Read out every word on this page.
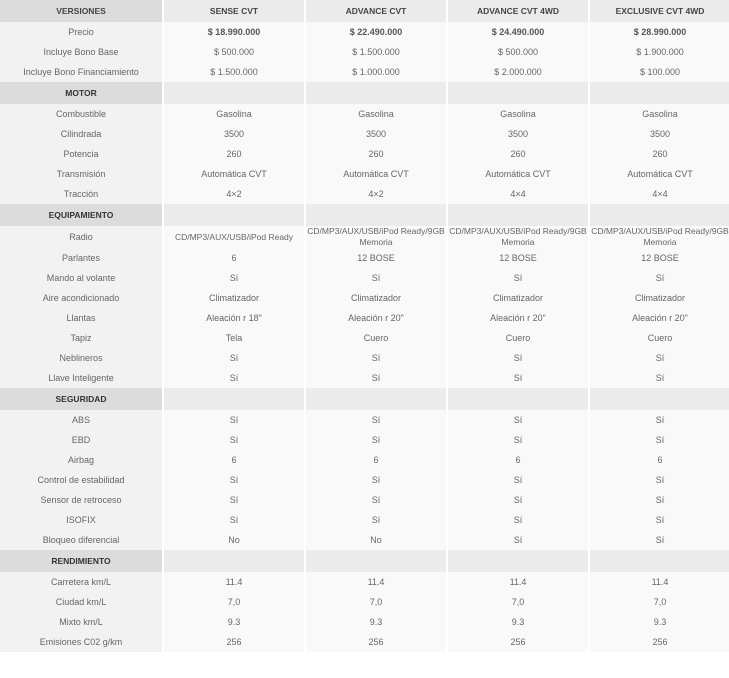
VERSIONES	SENSE CVT	ADVANCE CVT	ADVANCE CVT 4WD	EXCLUSIVE CVT 4WD
Precio	$ 18.990.000	$ 22.490.000	$ 24.490.000	$ 28.990.000
Incluye Bono Base	$ 500.000	$ 1.500.000	$ 500.000	$ 1.900.000
Incluye Bono Financiamiento	$ 1.500.000	$ 1.000.000	$ 2.000.000	$ 100.000
MOTOR				
Combustible	Gasolina	Gasolina	Gasolina	Gasolina
Cilindrada	3500	3500	3500	3500
Potencia	260	260	260	260
Transmisión	Automática CVT	Automática CVT	Automática CVT	Automática CVT
Tracción	4×2	4×2	4×4	4×4
EQUIPAMIENTO				
Radio	CD/MP3/AUX/USB/iPod Ready	CD/MP3/AUX/USB/iPod Ready/9GB Memoria	CD/MP3/AUX/USB/iPod Ready/9GB Memoria	CD/MP3/AUX/USB/iPod Ready/9GB Memoria
Parlantes	6	12 BOSE	12 BOSE	12 BOSE
Mando al volante	Sí	Sí	Sí	Sí
Aire acondicionado	Climatizador	Climatizador	Climatizador	Climatizador
Llantas	Aleación r 18"	Aleación r 20"	Aleación r 20"	Aleación r 20"
Tapiz	Tela	Cuero	Cuero	Cuero
Neblineros	Sí	Sí	Sí	Sí
Llave Inteligente	Sí	Sí	Sí	Sí
SEGURIDAD				
ABS	Sí	Sí	Sí	Sí
EBD	Sí	Sí	Sí	Sí
Airbag	6	6	6	6
Control de estabilidad	Sí	Sí	Sí	Sí
Sensor de retroceso	Sí	Sí	Sí	Sí
ISOFIX	Sí	Sí	Sí	Sí
Bloqueo diferencial	No	No	Sí	Sí
RENDIMIENTO				
Carretera km/L	11.4	11.4	11.4	11.4
Ciudad km/L	7,0	7,0	7,0	7,0
Mixto km/L	9.3	9.3	9.3	9.3
Emisiones C02 g/km	256	256	256	256
